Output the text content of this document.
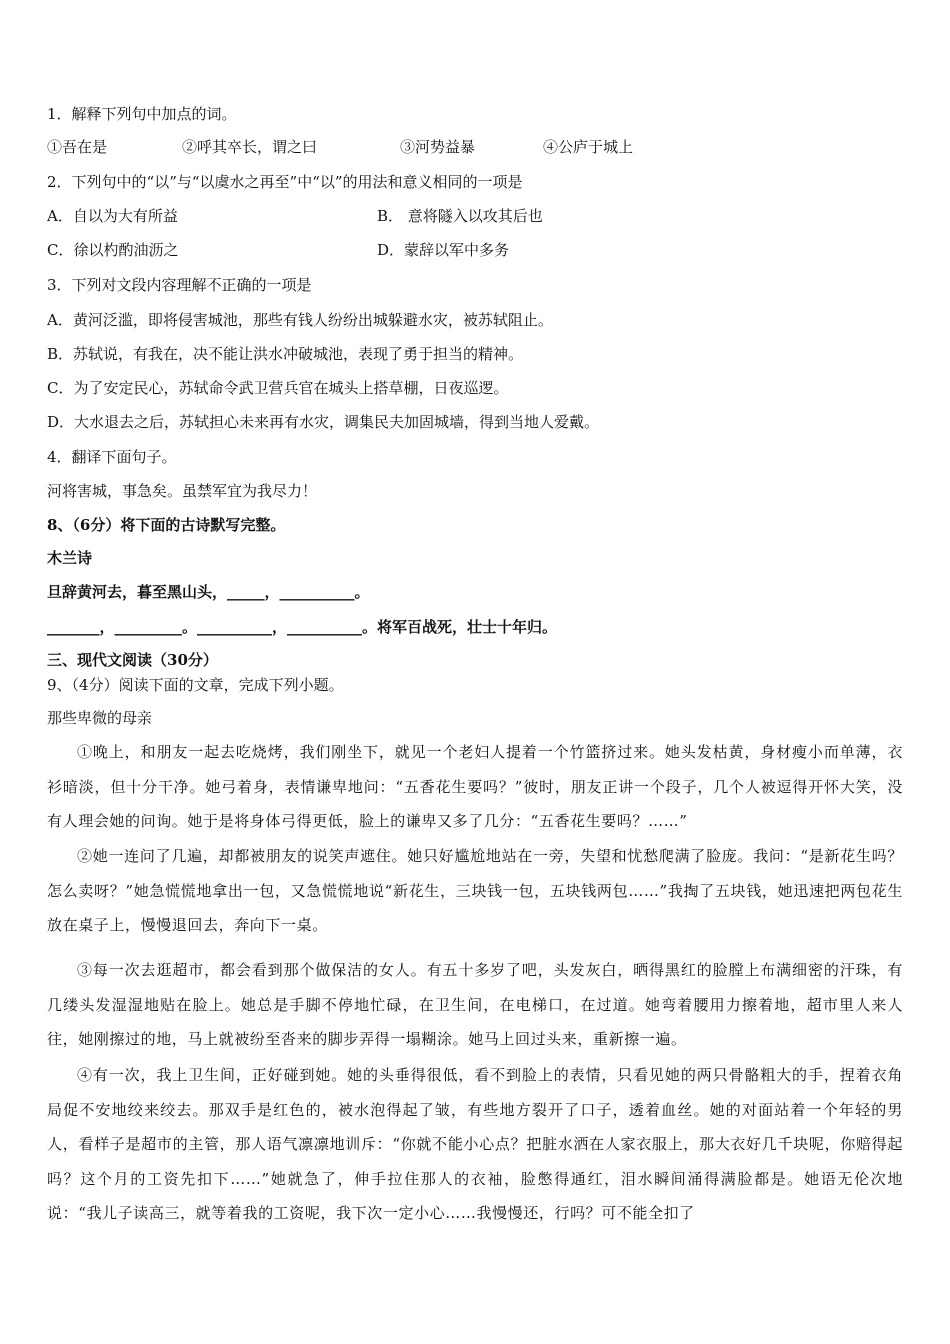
1．解释下列句中加点的词。
①吾在是	②呼其卒长，谓之曰	③河势益暴	④公庐于城上
2．下列句中的“以”与“以虞水之再至”中“以”的用法和意义相同的一项是
A．自以为大有所益	B． 意将隧入以攻其后也
C．徐以杓酌油沥之	D．蒙辞以军中多务
3．下列对文段内容理解不正确的一项是
A．黄河泛滥，即将侵害城池，那些有钱人纷纷出城躲避水灾，被苏轼阻止。
B．苏轼说，有我在，决不能让洪水冲破城池，表现了勇于担当的精神。
C．为了安定民心，苏轼命令武卫营兵官在城头上搭草棚，日夜巡逻。
D．大水退去之后，苏轼担心未来再有水灾，调集民夫加固城墙，得到当地人爱戴。
4．翻译下面句子。
河将害城，事急矣。虽禁军宜为我尽力！
8、（6分）将下面的古诗默写完整。
木兰诗
旦辞黄河去，暮至黑山头，_____，__________。
_______，_________。__________，__________。将军百战死，壮士十年归。
三、现代文阅读（30分）
9、（4分）阅读下面的文章，完成下列小题。
那些卑微的母亲

①晚上，和朋友一起去吃烧烤，我们刚坐下，就见一个老妇人提着一个竹篮挤过来。她头发枯黄，身材瘦小而单薄，衣衫暗淡，但十分干净。她弓着身，表情谦卑地问：“五香花生要吗？”彼时，朋友正讲一个段子，几个人被逗得开怀大笑，没有人理会她的问询。她于是将身体弓得更低，脸上的谦卑又多了几分：“五香花生要吗？……”

②她一连问了几遍，却都被朋友的说笑声遮住。她只好尴尬地站在一旁，失望和忧愁爬满了脸庞。我问：“是新花生吗？怎么卖呀？”她急慌慌地拿出一包，又急慌慌地说“新花生，三块钱一包，五块钱两包……”我掏了五块钱，她迅速把两包花生放在桌子上，慢慢退回去，奔向下一桌。

③每一次去逛超市，都会看到那个做保洁的女人。有五十多岁了吧，头发灰白，晒得黑红的脸膛上布满细密的汗珠，有几缕头发湿湿地贴在脸上。她总是手脚不停地忙碌，在卫生间，在电梯口，在过道。她弯着腰用力擦着地，超市里人来人往，她刚擦过的地，马上就被纷至沓来的脚步弄得一塌糊涂。她马上回过头来，重新擦一遍。

④有一次，我上卫生间，正好碰到她。她的头垂得很低，看不到脸上的表情，只看见她的两只骨骼粗大的手，捏着衣角局促不安地绞来绞去。那双手是红色的，被水泡得起了皱，有些地方裂开了口子，透着血丝。她的对面站着一个年轻的男人，看样子是超市的主管，那人语气凛凛地训斥：“你就不能小心点？把脏水洒在人家衣服上，那大衣好几千块呢，你赔得起吗？这个月的工资先扣下……”她就急了，伸手拉住那人的衣袖，脸憋得通红，泪水瞬间涌得满脸都是。她语无伦次地说：“我儿子读高三，就等着我的工资呢，我下次一定小心……我慢慢还，行吗？可不能全扣了
